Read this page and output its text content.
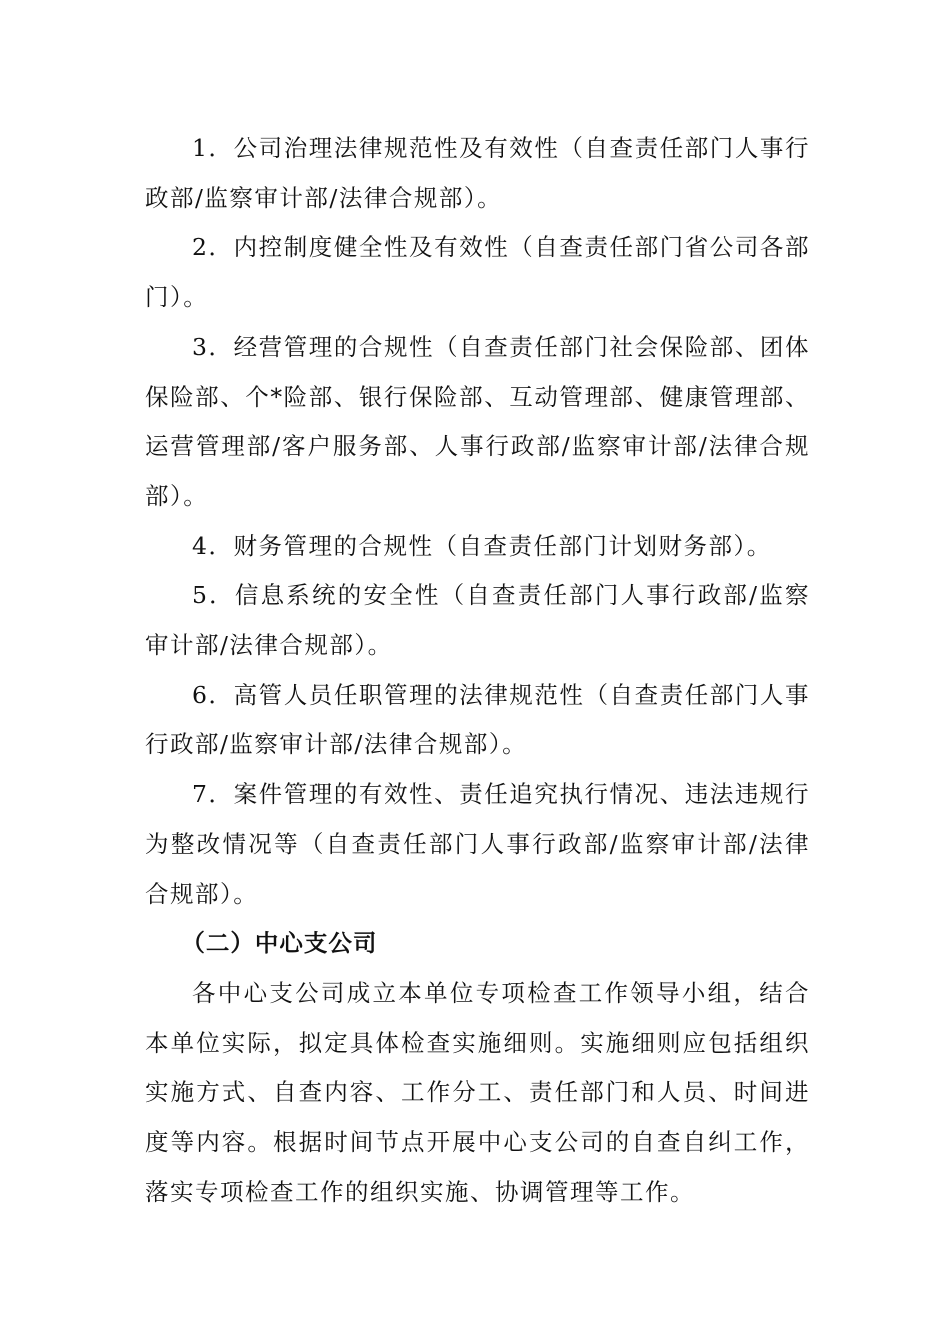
1．公司治理法律规范性及有效性（自查责任部门人事行政部/监察审计部/法律合规部）。

2．内控制度健全性及有效性（自查责任部门省公司各部门）。

3．经营管理的合规性（自查责任部门社会保险部、团体保险部、个*险部、银行保险部、互动管理部、健康管理部、运营管理部/客户服务部、人事行政部/监察审计部/法律合规部）。

4．财务管理的合规性（自查责任部门计划财务部）。

5．信息系统的安全性（自查责任部门人事行政部/监察审计部/法律合规部）。

6．高管人员任职管理的法律规范性（自查责任部门人事行政部/监察审计部/法律合规部）。

7．案件管理的有效性、责任追究执行情况、违法违规行为整改情况等（自查责任部门人事行政部/监察审计部/法律合规部）。

（二）中心支公司

各中心支公司成立本单位专项检查工作领导小组，结合本单位实际，拟定具体检查实施细则。实施细则应包括组织实施方式、自查内容、工作分工、责任部门和人员、时间进度等内容。根据时间节点开展中心支公司的自查自纠工作，落实专项检查工作的组织实施、协调管理等工作。
